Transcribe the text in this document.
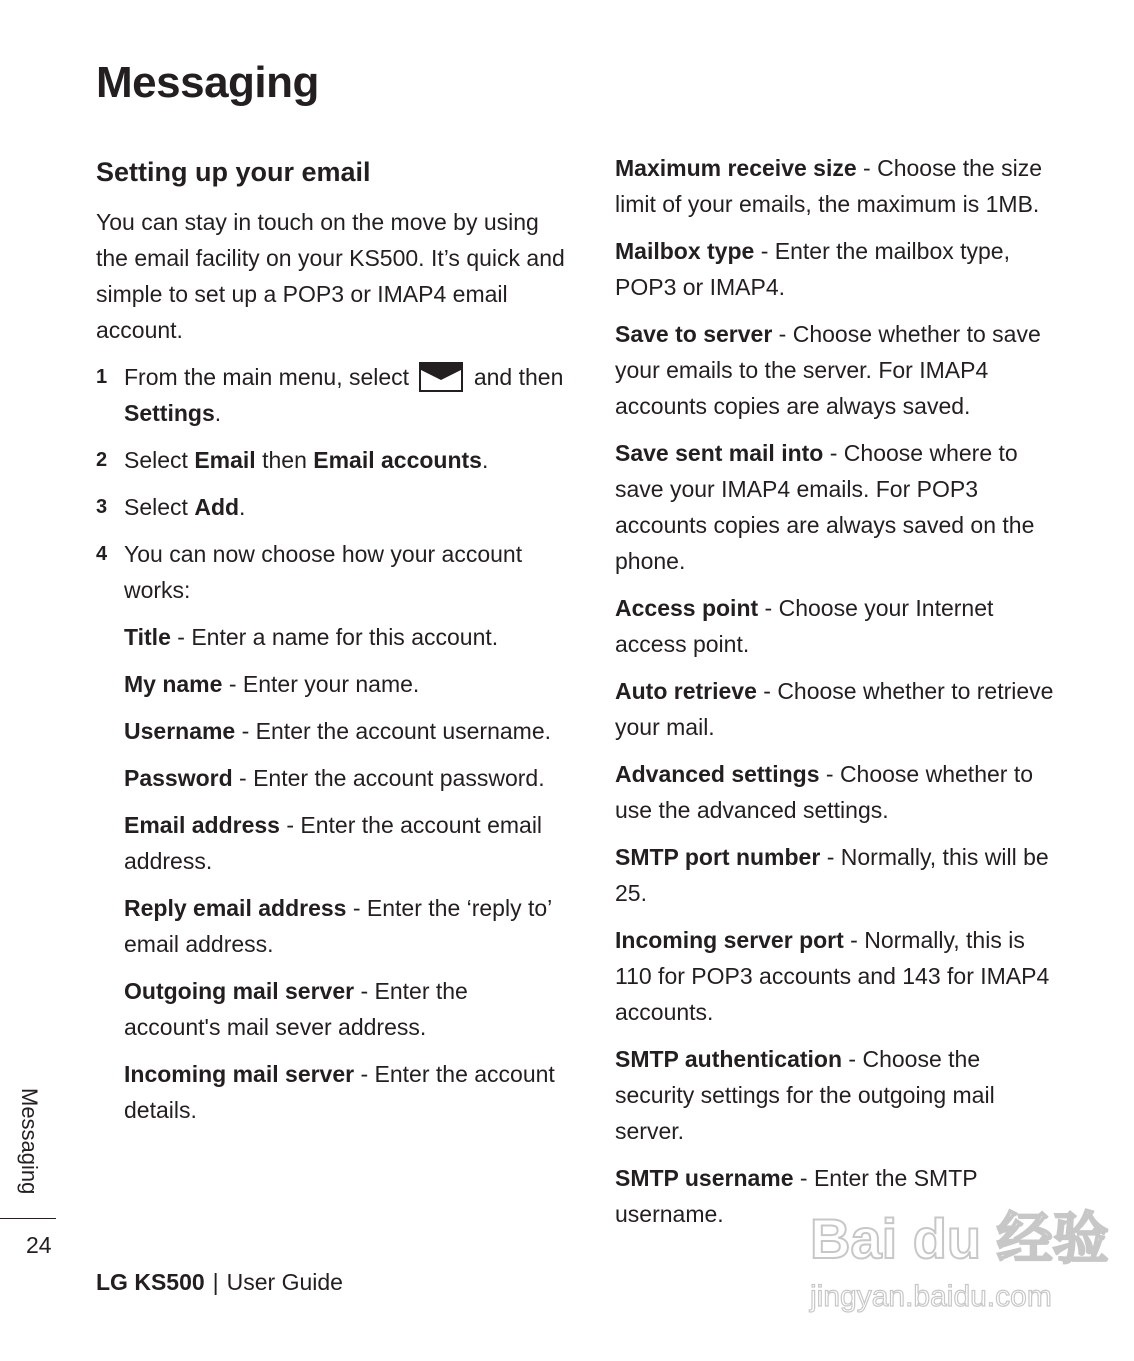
Messaging
Setting up your email

You can stay in touch on the move by using the email facility on your KS500. It’s quick and simple to set up a POP3 or IMAP4 email account.

1 From the main menu, select	and then Settings.
2 Select Email then Email accounts.
3 Select Add.
4 You can now choose how your account works:

Title - Enter a name for this account.

My name - Enter your name.

Username - Enter the account username.

Password - Enter the account password.

Email address - Enter the account email address.

Reply email address - Enter the ‘reply to’ email address.

Outgoing mail server - Enter the account's mail sever address.

Incoming mail server - Enter the account details.

Maximum receive size - Choose the size limit of your emails, the maximum is 1MB.

Mailbox type - Enter the mailbox type, POP3 or IMAP4.

Save to server - Choose whether to save your emails to the server. For IMAP4 accounts copies are always saved.

Save sent mail into - Choose where to save your IMAP4 emails. For POP3 accounts copies are always saved on the phone.

Access point - Choose your Internet access point.

Auto retrieve - Choose whether to retrieve your mail.

Advanced settings - Choose whether to use the advanced settings.

SMTP port number - Normally, this will be 25.

Incoming server port - Normally, this is 110 for POP3 accounts and 143 for IMAP4 accounts.

SMTP authentication - Choose the security settings for the outgoing mail server.

SMTP username - Enter the SMTP username.

Messaging
24
LG KS500 | User Guide
Bai du 经验
jingyan.baidu.com
